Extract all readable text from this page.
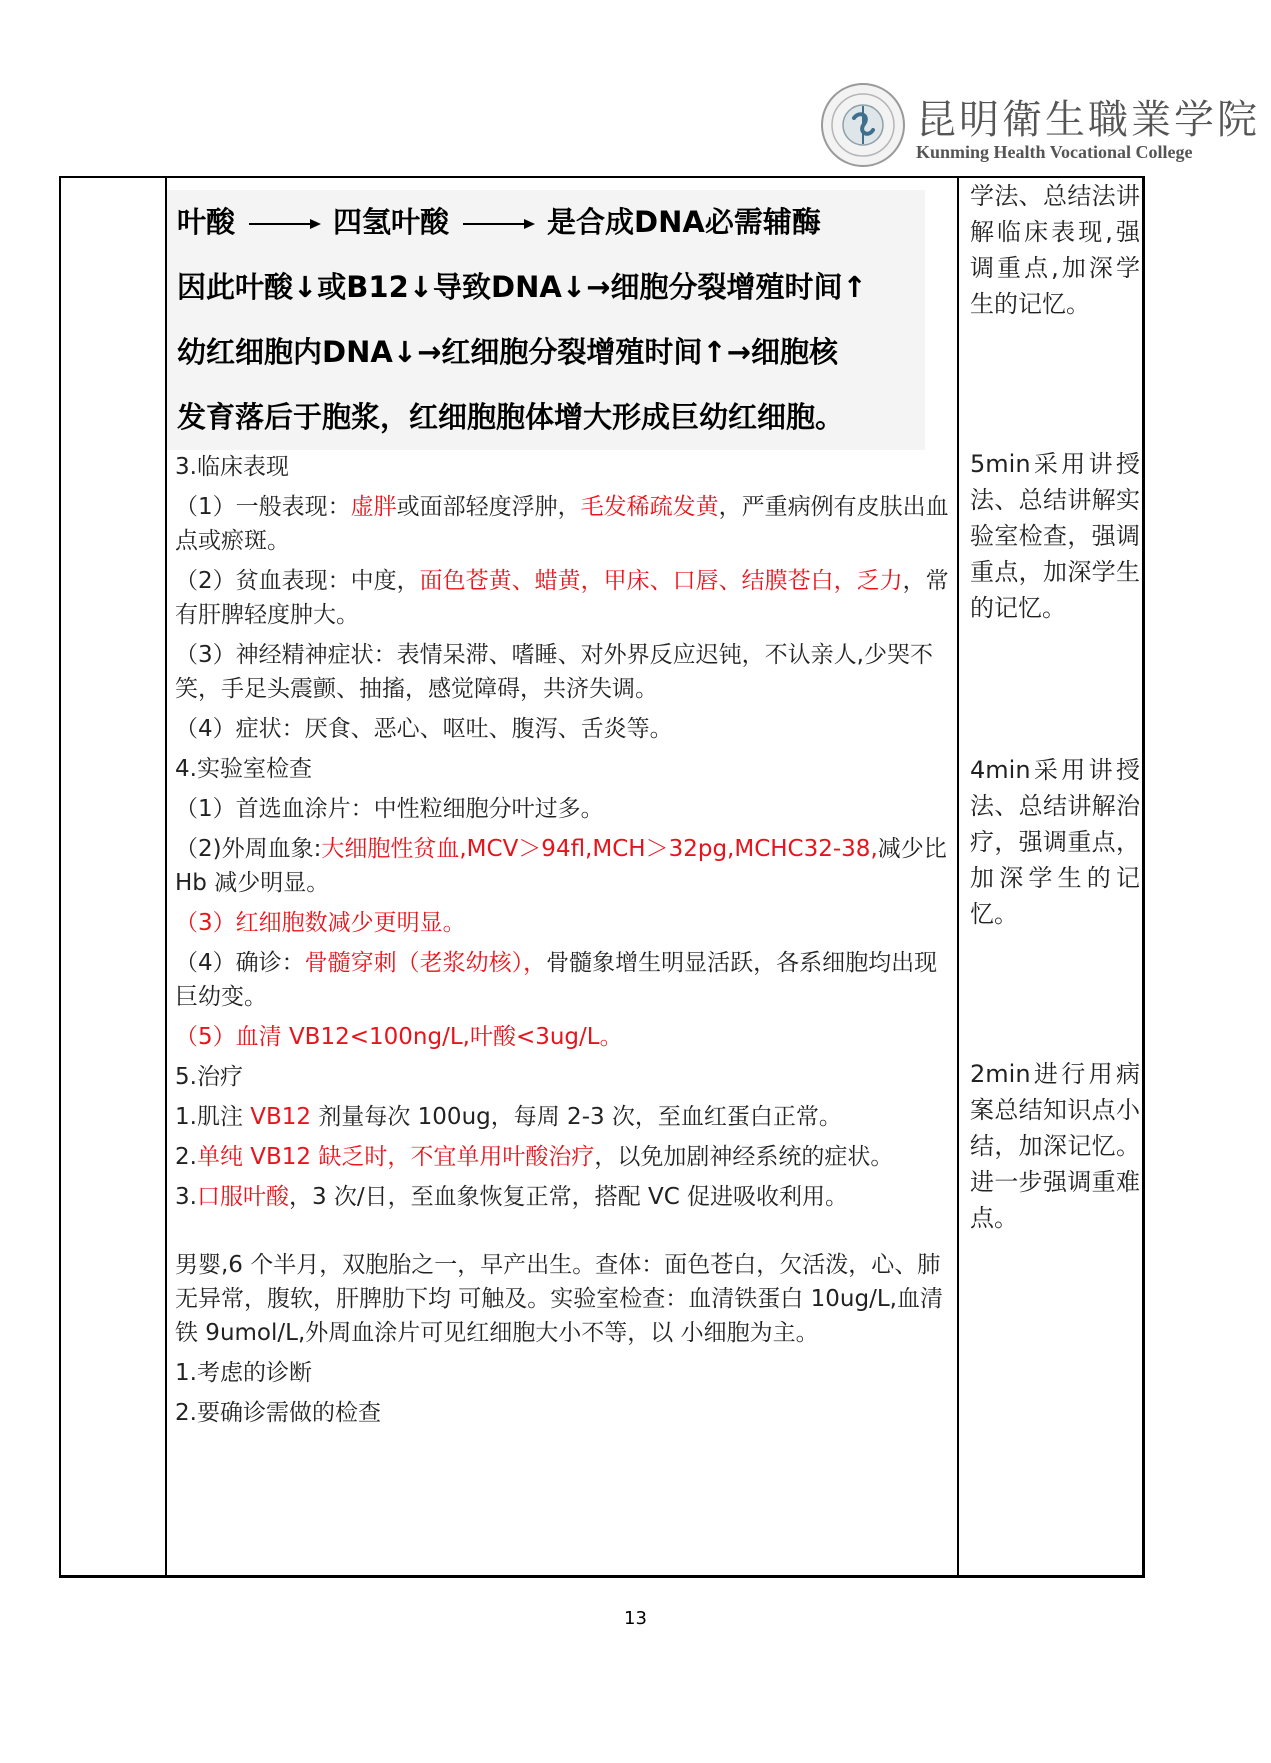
昆明衛生職業学院
Kunming Health Vocational College
叶酸	四氢叶酸	是合成DNA必需辅酶
因此叶酸↓或B12↓导致DNA↓→细胞分裂增殖时间↑
幼红细胞内DNA↓→红细胞分裂增殖时间↑→细胞核
发育落后于胞浆，红细胞胞体增大形成巨幼红细胞。

3.临床表现

（1）一般表现：虚胖或面部轻度浮肿，毛发稀疏发黄，严重病例有皮肤出血点或瘀斑。

（2）贫血表现：中度，面色苍黄、蜡黄，甲床、口唇、结膜苍白，乏力，常有肝脾轻度肿大。

（3）神经精神症状：表情呆滞、嗜睡、对外界反应迟钝，不认亲人,少哭不笑，手足头震颤、抽搐，感觉障碍，共济失调。

（4）症状：厌食、恶心、呕吐、腹泻、舌炎等。

4.实验室检查

（1）首选血涂片：中性粒细胞分叶过多。

（2)外周血象:大细胞性贫血,MCV＞94fl,MCH＞32pg,MCHC32-38,减少比 Hb 减少明显。

（3）红细胞数减少更明显。

（4）确诊：骨髓穿刺（老浆幼核），骨髓象增生明显活跃，各系细胞均出现巨幼变。

（5）血清 VB12<100ng/L,叶酸<3ug/L。

5.治疗

1.肌注 VB12 剂量每次 100ug，每周 2-3 次，至血红蛋白正常。

2.单纯 VB12 缺乏时，不宜单用叶酸治疗，以免加剧神经系统的症状。

3.口服叶酸，3 次/日，至血象恢复正常，搭配 VC 促进吸收利用。

男婴,6 个半月，双胞胎之一，早产出生。查体：面色苍白，欠活泼，心、肺无异常，腹软，肝脾肋下均 可触及。实验室检查：血清铁蛋白 10ug/L,血清铁 9umol/L,外周血涂片可见红细胞大小不等，以 小细胞为主。

1.考虑的诊断

2.要确诊需做的检查

学法、总结法讲解临床表现,强调重点,加深学生的记忆。

5min采用讲授法、总结讲解实验室检查，强调重点，加深学生的记忆。

4min采用讲授法、总结讲解治疗，强调重点，加深学生的记忆。

2min进行用病案总结知识点小结，加深记忆。进一步强调重难点。

13
